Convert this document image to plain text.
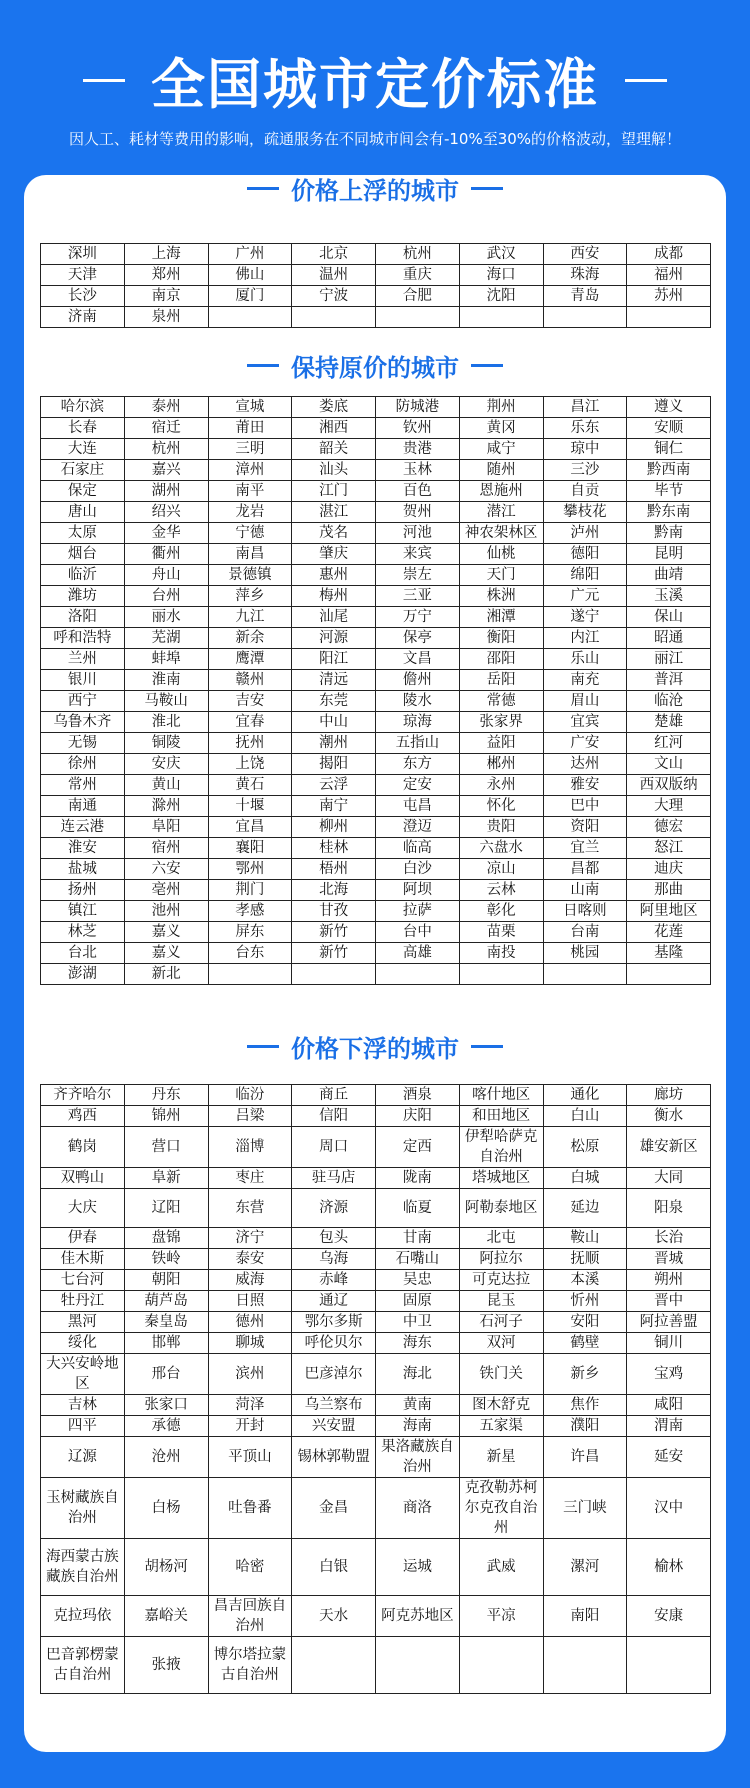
全国城市定价标准
因人工、耗材等费用的影响，疏通服务在不同城市间会有-10%至30%的价格波动，望理解！
价格上浮的城市
深圳	上海	广州	北京	杭州	武汉	西安	成都
天津	郑州	佛山	温州	重庆	海口	珠海	福州
长沙	南京	厦门	宁波	合肥	沈阳	青岛	苏州
济南	泉州						
保持原价的城市
哈尔滨	泰州	宣城	娄底	防城港	荆州	昌江	遵义
长春	宿迁	莆田	湘西	钦州	黄冈	乐东	安顺
大连	杭州	三明	韶关	贵港	咸宁	琼中	铜仁
石家庄	嘉兴	漳州	汕头	玉林	随州	三沙	黔西南
保定	湖州	南平	江门	百色	恩施州	自贡	毕节
唐山	绍兴	龙岩	湛江	贺州	潜江	攀枝花	黔东南
太原	金华	宁德	茂名	河池	神农架林区	泸州	黔南
烟台	衢州	南昌	肇庆	来宾	仙桃	德阳	昆明
临沂	舟山	景德镇	惠州	崇左	天门	绵阳	曲靖
潍坊	台州	萍乡	梅州	三亚	株洲	广元	玉溪
洛阳	丽水	九江	汕尾	万宁	湘潭	遂宁	保山
呼和浩特	芜湖	新余	河源	保亭	衡阳	内江	昭通
兰州	蚌埠	鹰潭	阳江	文昌	邵阳	乐山	丽江
银川	淮南	赣州	清远	儋州	岳阳	南充	普洱
西宁	马鞍山	吉安	东莞	陵水	常德	眉山	临沧
乌鲁木齐	淮北	宜春	中山	琼海	张家界	宜宾	楚雄
无锡	铜陵	抚州	潮州	五指山	益阳	广安	红河
徐州	安庆	上饶	揭阳	东方	郴州	达州	文山
常州	黄山	黄石	云浮	定安	永州	雅安	西双版纳
南通	滁州	十堰	南宁	屯昌	怀化	巴中	大理
连云港	阜阳	宜昌	柳州	澄迈	贵阳	资阳	德宏
淮安	宿州	襄阳	桂林	临高	六盘水	宜兰	怒江
盐城	六安	鄂州	梧州	白沙	凉山	昌都	迪庆
扬州	亳州	荆门	北海	阿坝	云林	山南	那曲
镇江	池州	孝感	甘孜	拉萨	彰化	日喀则	阿里地区
林芝	嘉义	屏东	新竹	台中	苗栗	台南	花莲
台北	嘉义	台东	新竹	高雄	南投	桃园	基隆
澎湖	新北						
价格下浮的城市
齐齐哈尔	丹东	临汾	商丘	酒泉	喀什地区	通化	廊坊
鸡西	锦州	吕梁	信阳	庆阳	和田地区	白山	衡水
鹤岗	营口	淄博	周口	定西	伊犁哈萨克自治州	松原	雄安新区
双鸭山	阜新	枣庄	驻马店	陇南	塔城地区	白城	大同
大庆	辽阳	东营	济源	临夏	阿勒泰地区	延边	阳泉
伊春	盘锦	济宁	包头	甘南	北屯	鞍山	长治
佳木斯	铁岭	泰安	乌海	石嘴山	阿拉尔	抚顺	晋城
七台河	朝阳	威海	赤峰	吴忠	可克达拉	本溪	朔州
牡丹江	葫芦岛	日照	通辽	固原	昆玉	忻州	晋中
黑河	秦皇岛	德州	鄂尔多斯	中卫	石河子	安阳	阿拉善盟
绥化	邯郸	聊城	呼伦贝尔	海东	双河	鹤壁	铜川
大兴安岭地区	邢台	滨州	巴彦淖尔	海北	铁门关	新乡	宝鸡
吉林	张家口	菏泽	乌兰察布	黄南	图木舒克	焦作	咸阳
四平	承德	开封	兴安盟	海南	五家渠	濮阳	渭南
辽源	沧州	平顶山	锡林郭勒盟	果洛藏族自治州	新星	许昌	延安
玉树藏族自治州	白杨	吐鲁番	金昌	商洛	克孜勒苏柯尔克孜自治州	三门峡	汉中
海西蒙古族藏族自治州	胡杨河	哈密	白银	运城	武威	漯河	榆林
克拉玛依	嘉峪关	昌吉回族自治州	天水	阿克苏地区	平凉	南阳	安康
巴音郭楞蒙古自治州	张掖	博尔塔拉蒙古自治州					
